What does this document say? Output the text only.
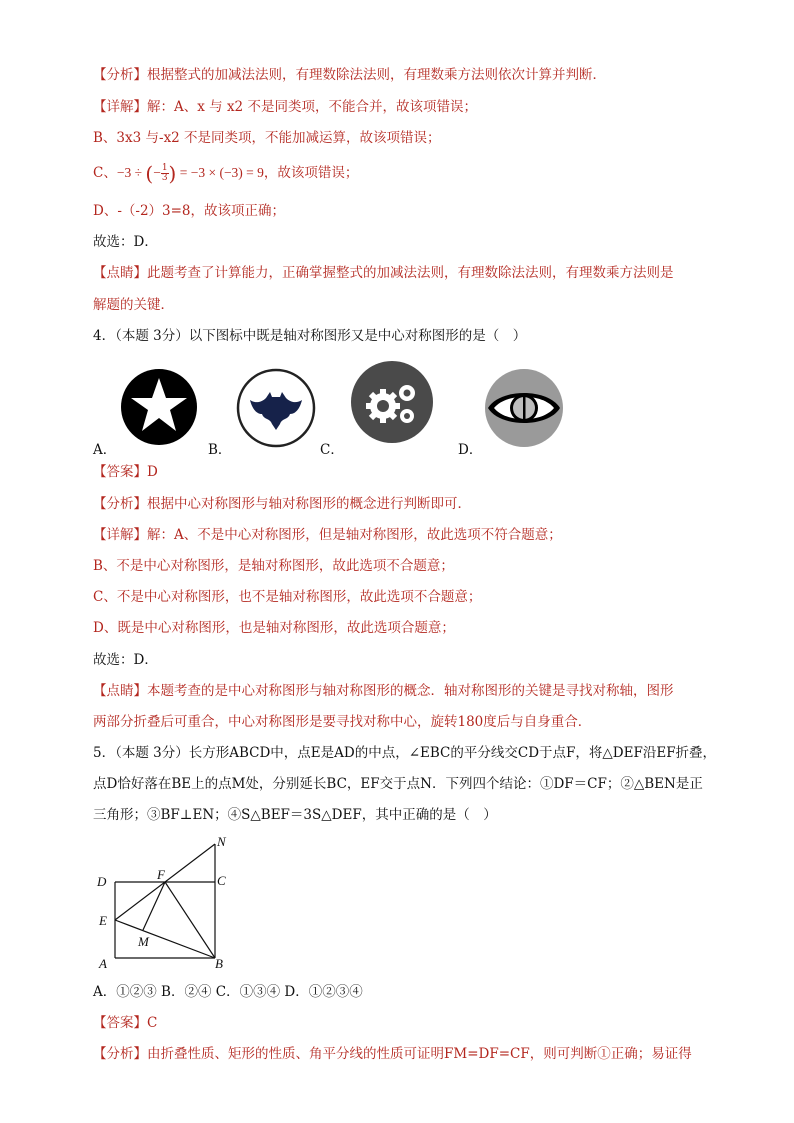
【分析】根据整式的加减法法则，有理数除法法则，有理数乘方法则依次计算并判断．
【详解】解：A、x 与 x2 不是同类项，不能合并，故该项错误；
B、3x3 与-x2 不是同类项，不能加减运算，故该项错误；
C、−3 ÷ (− $\frac{1}{3}$ ) = −3 × (−3) = 9，故该项错误；
D、-（-2）3=8，故该项正确；
故选：D．
【点睛】此题考查了计算能力，正确掌握整式的加减法法则，有理数除法法则，有理数乘方法则是
解题的关键．
4．（本题 3分）以下图标中既是轴对称图形又是中心对称图形的是（　）
A．	B．	C．	D．
【答案】D
【分析】根据中心对称图形与轴对称图形的概念进行判断即可．
【详解】解：A、不是中心对称图形，但是轴对称图形，故此选项不符合题意；
B、不是中心对称图形，是轴对称图形，故此选项不合题意；
C、不是中心对称图形，也不是轴对称图形，故此选项不合题意；
D、既是中心对称图形，也是轴对称图形，故此选项合题意；
故选：D．
【点睛】本题考查的是中心对称图形与轴对称图形的概念．轴对称图形的关键是寻找对称轴，图形
两部分折叠后可重合，中心对称图形是要寻找对称中心，旋转180度后与自身重合．
5．（本题 3分）长方形ABCD中，点E是AD的中点，∠EBC的平分线交CD于点F，将△DEF沿EF折叠，
点D恰好落在BE上的点M处，分别延长BC，EF交于点N．下列四个结论：①DF＝CF；②△BEN是正
三角形；③BF⊥EN；④S△BEF＝3S△DEF，其中正确的是（　）
N
D	F	C
E
M
A	B
A．①②③ B．②④ C．①③④ D．①②③④
【答案】C
【分析】由折叠性质、矩形的性质、角平分线的性质可证明FM=DF=CF，则可判断①正确；易证得
